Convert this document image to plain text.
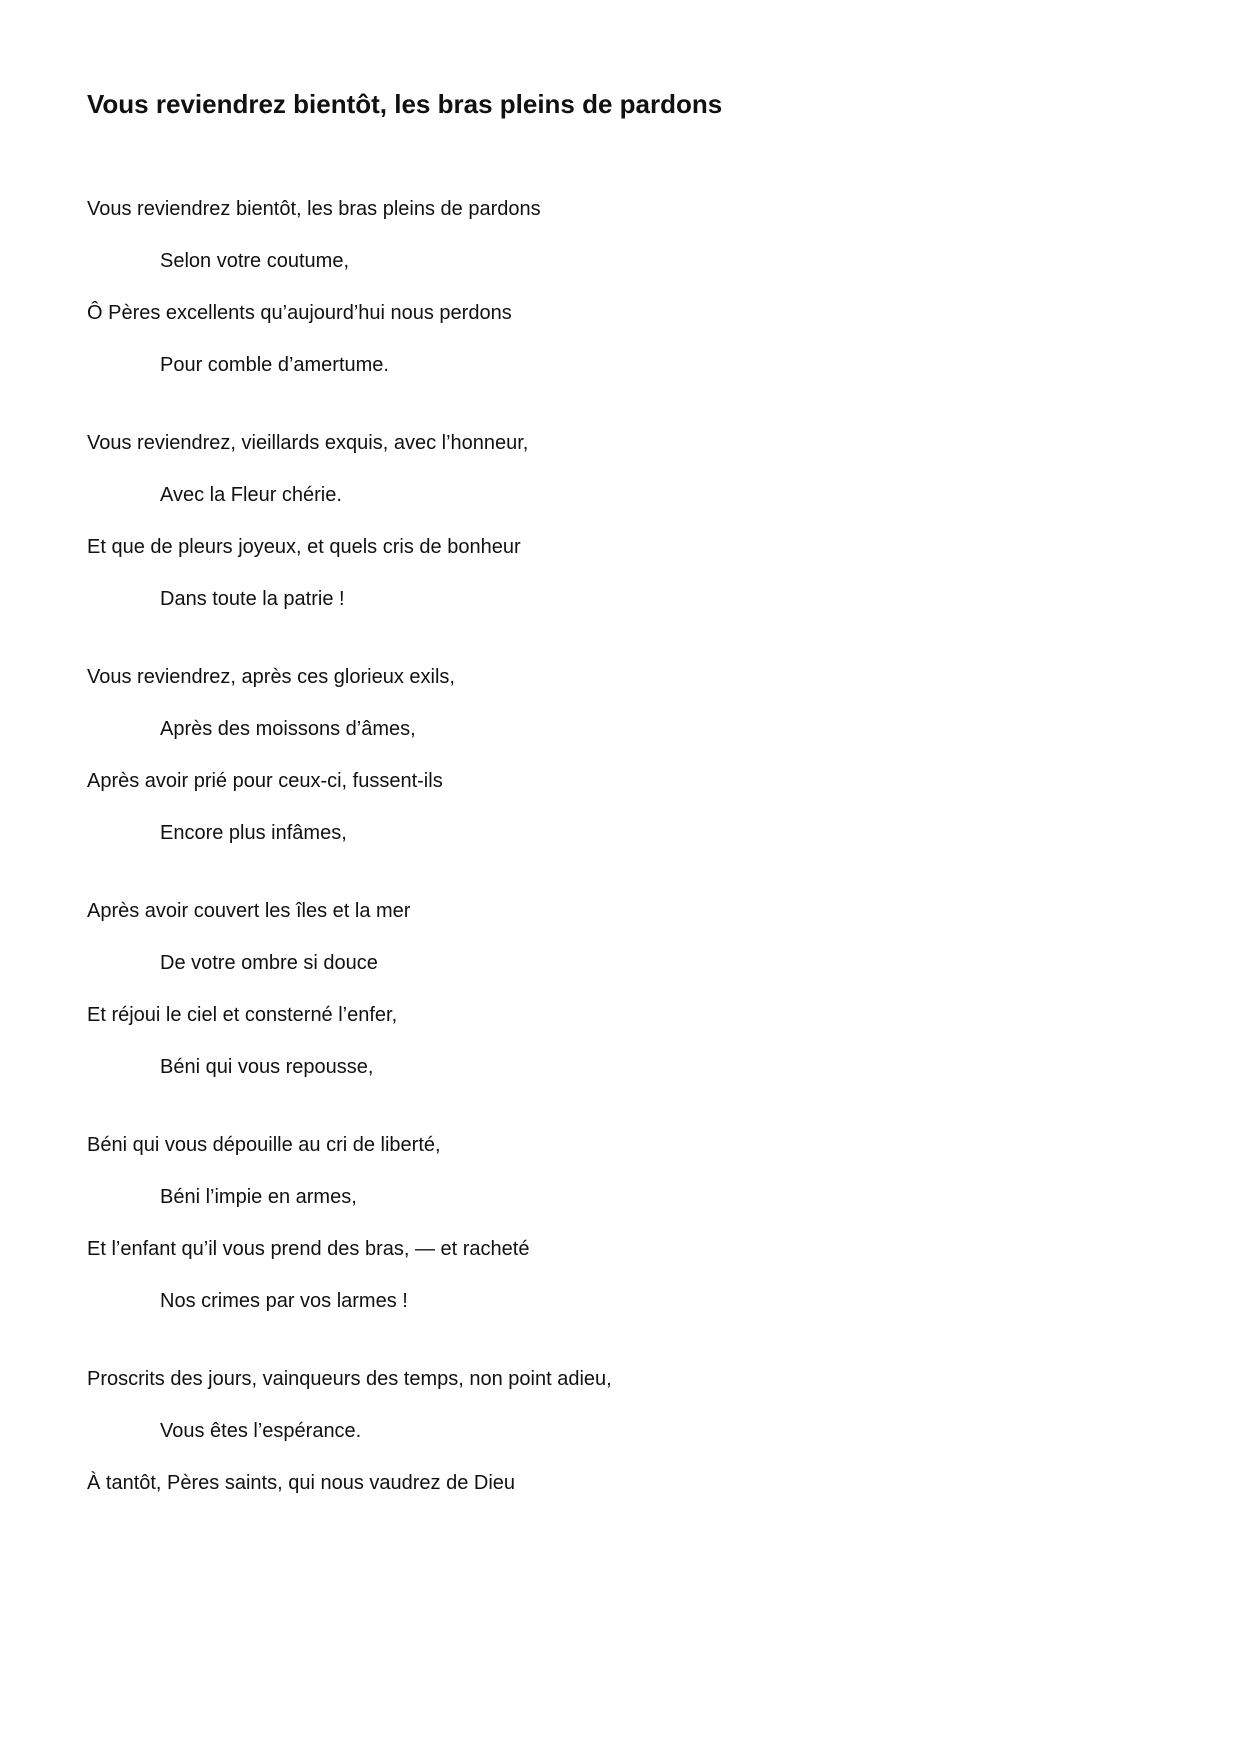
Vous reviendrez bientôt, les bras pleins de pardons
Vous reviendrez bientôt, les bras pleins de pardons
Selon votre coutume,
Ô Pères excellents qu’aujourd’hui nous perdons
Pour comble d’amertume.
Vous reviendrez, vieillards exquis, avec l’honneur,
Avec la Fleur chérie.
Et que de pleurs joyeux, et quels cris de bonheur
Dans toute la patrie !
Vous reviendrez, après ces glorieux exils,
Après des moissons d’âmes,
Après avoir prié pour ceux-ci, fussent-ils
Encore plus infâmes,
Après avoir couvert les îles et la mer
De votre ombre si douce
Et réjoui le ciel et consterné l’enfer,
Béni qui vous repousse,
Béni qui vous dépouille au cri de liberté,
Béni l’impie en armes,
Et l’enfant qu’il vous prend des bras, — et racheté
Nos crimes par vos larmes !
Proscrits des jours, vainqueurs des temps, non point adieu,
Vous êtes l’espérance.
À tantôt, Pères saints, qui nous vaudrez de Dieu
